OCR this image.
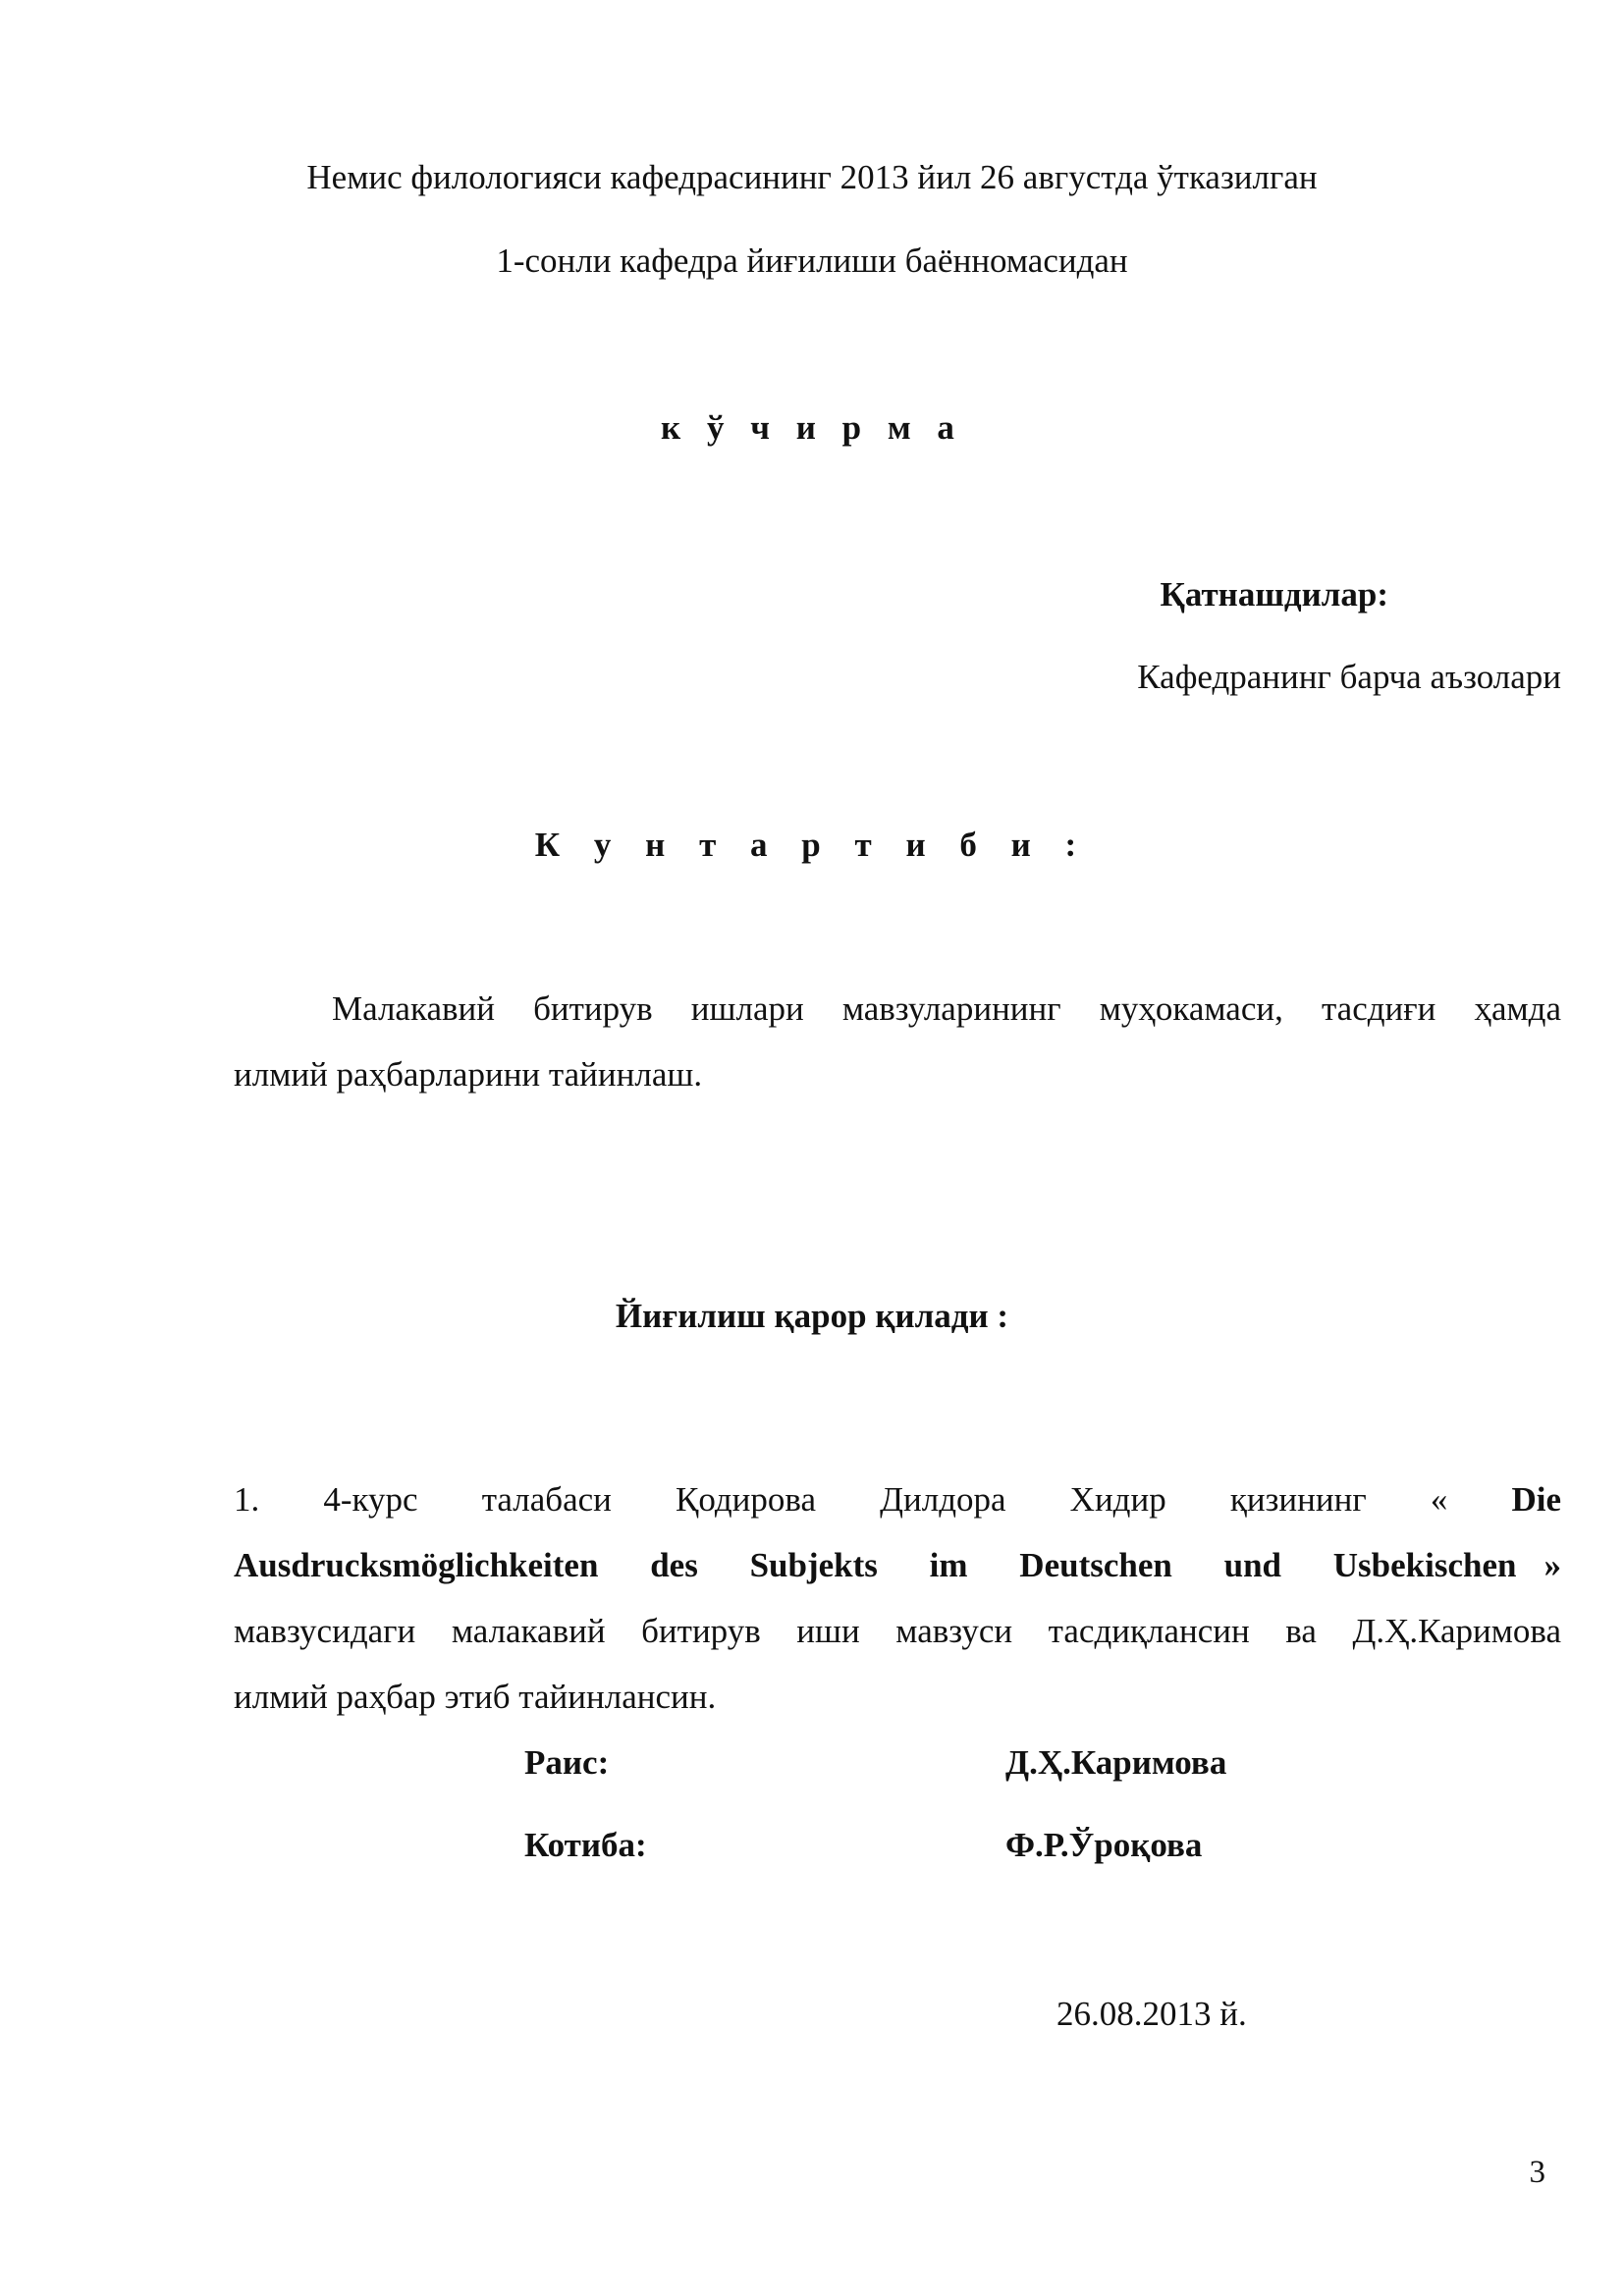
Немис филологияси кафедрасининг 2013 йил 26 августда ўтказилган
1-сонли кафедра йиғилиши баённомасидан
к ў ч и р м а
Қатнашдилар:
Кафедранинг барча аъзолари
К у н т а р т и б и :
Малакавий битирув ишлари мавзуларининг муҳокамаси, тасдиғи ҳамда
илмий раҳбарларини тайинлаш.
Йиғилиш қарор қилади :
1. 4-курс талабаси Қодирова Дилдора Хидир қизининг « Die
Ausdrucksmöglichkeiten des Subjekts im Deutschen und Usbekischen »
мавзусидаги малакавий битирув иши мавзуси тасдиқлансин ва Д.Ҳ.Каримова
илмий раҳбар этиб тайинлансин.
Раис:	Д.Ҳ.Каримова
Котиба:	Ф.Р.Ўроқова
26.08.2013 й.
3
